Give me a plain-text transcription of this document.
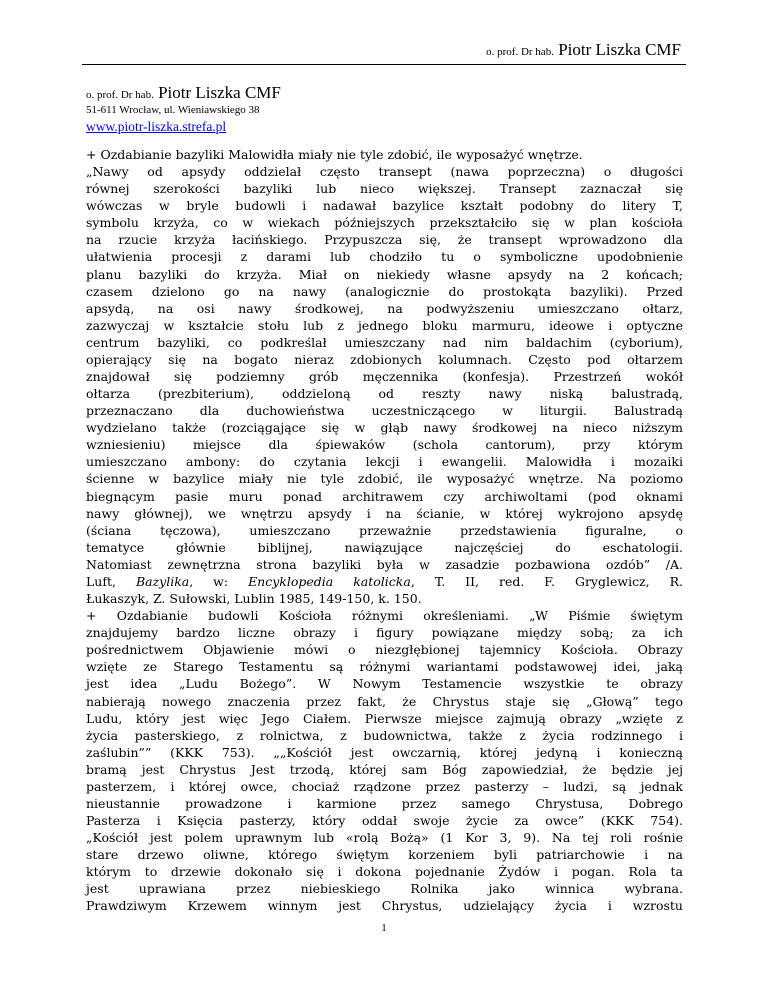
o. prof. Dr hab. Piotr Liszka CMF
o. prof. Dr hab. Piotr Liszka CMF
51-611 Wrocław, ul. Wieniawskiego 38
www.piotr-liszka.strefa.pl
+ Ozdabianie bazyliki Malowidła miały nie tyle zdobić, ile wyposażyć wnętrze.
„Nawy od apsydy oddzielał często transept (nawa poprzeczna) o długości
równej szerokości bazyliki lub nieco większej. Transept zaznaczał się
wówczas w bryle budowli i nadawał bazylice kształt podobny do litery T,
symbolu krzyża, co w wiekach późniejszych przekształciło się w plan kościoła
na rzucie krzyża łacińskiego. Przypuszcza się, że transept wprowadzono dla
ułatwienia procesji z darami lub chodziło tu o symboliczne upodobnienie
planu bazyliki do krzyża. Miał on niekiedy własne apsydy na 2 końcach;
czasem dzielono go na nawy (analogicznie do prostokąta bazyliki). Przed
apsydą, na osi nawy środkowej, na podwyższeniu umieszczano ołtarz,
zazwyczaj w kształcie stołu lub z jednego bloku marmuru, ideowe i optyczne
centrum bazyliki, co podkreślał umieszczany nad nim baldachim (cyborium),
opierający się na bogato nieraz zdobionych kolumnach. Często pod ołtarzem
znajdował się podziemny grób męczennika (konfesja). Przestrzeń wokół
ołtarza (prezbiterium), oddzieloną od reszty nawy niską balustradą,
przeznaczano dla duchowieństwa uczestniczącego w liturgii. Balustradą
wydzielano także (rozciągające się w głąb nawy środkowej na nieco niższym
wzniesieniu) miejsce dla śpiewaków (schola cantorum), przy którym
umieszczano ambony: do czytania lekcji i ewangelii. Malowidła i mozaiki
ścienne w bazylice miały nie tyle zdobić, ile wyposażyć wnętrze. Na poziomo
biegnącym pasie muru ponad architrawem czy archiwoltami (pod oknami
nawy głównej), we wnętrzu apsydy i na ścianie, w której wykrojono apsydę
(ściana tęczowa), umieszczano przeważnie przedstawienia figuralne, o
tematyce głównie biblijnej, nawiązujące najczęściej do eschatologii.
Natomiast zewnętrzna strona bazyliki była w zasadzie pozbawiona ozdób” /A.
Luft, Bazylika, w: Encyklopedia katolicka, T. II, red. F. Gryglewicz, R.
Łukaszyk, Z. Sułowski, Lublin 1985, 149-150, k. 150.
+ Ozdabianie budowli Kościoła różnymi określeniami. „W Piśmie świętym
znajdujemy bardzo liczne obrazy i figury powiązane między sobą; za ich
pośrednictwem Objawienie mówi o niezgłębionej tajemnicy Kościoła. Obrazy
wzięte ze Starego Testamentu są różnymi wariantami podstawowej idei, jaką
jest idea „Ludu Bożego”. W Nowym Testamencie wszystkie te obrazy
nabierają nowego znaczenia przez fakt, że Chrystus staje się „Głową” tego
Ludu, który jest więc Jego Ciałem. Pierwsze miejsce zajmują obrazy „wzięte z
życia pasterskiego, z rolnictwa, z budownictwa, także z życia rodzinnego i
zaślubin”” (KKK 753). „„Kościół jest owczarnią, której jedyną i konieczną
bramą jest Chrystus Jest trzodą, której sam Bóg zapowiedział, że będzie jej
pasterzem, i której owce, chociaż rządzone przez pasterzy – ludzi, są jednak
nieustannie prowadzone i karmione przez samego Chrystusa, Dobrego
Pasterza i Księcia pasterzy, który oddał swoje życie za owce” (KKK 754).
„Kościół jest polem uprawnym lub «rolą Bożą» (1 Kor 3, 9). Na tej roli rośnie
stare drzewo oliwne, którego świętym korzeniem byli patriarchowie i na
którym to drzewie dokonało się i dokona pojednanie Żydów i pogan. Rola ta
jest uprawiana przez niebieskiego Rolnika jako winnica wybrana.
Prawdziwym Krzewem winnym jest Chrystus, udzielający życia i wzrostu
1
